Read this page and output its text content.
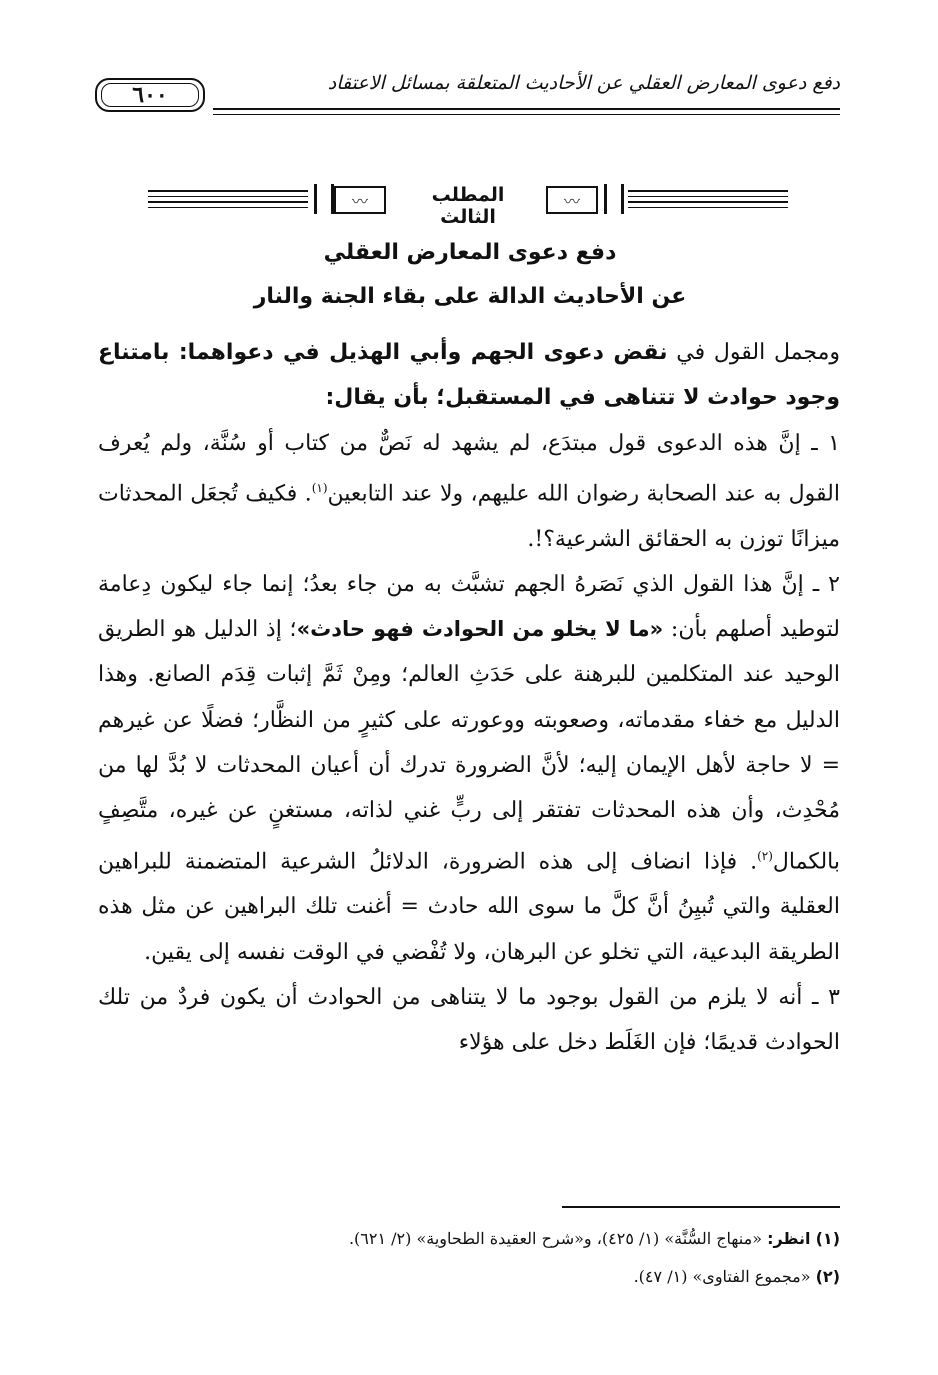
دفع دعوى المعارض العقلي عن الأحاديث المتعلقة بمسائل الاعتقاد
٦٠٠
〰	المطلب الثالث
〰
دفع دعوى المعارض العقلي
عن الأحاديث الدالة على بقاء الجنة والنار

ومجمل القول في نقض دعوى الجهم وأبي الهذيل في دعواهما: بامتناع وجود حوادث لا تتناهى في المستقبل؛ بأن يقال:

١ ـ إنَّ هذه الدعوى قول مبتدَع، لم يشهد له نَصٌّ من كتاب أو سُنَّة، ولم يُعرف القول به عند الصحابة رضوان الله عليهم، ولا عند التابعين$^{(١)}$. فكيف تُجعَل المحدثات ميزانًا توزن به الحقائق الشرعية؟!.

٢ ـ إنَّ هذا القول الذي نَصَرهُ الجهم تشبَّث به من جاء بعدُ؛ إنما جاء ليكون دِعامة لتوطيد أصلهم بأن: «ما لا يخلو من الحوادث فهو حادث»؛ إذ الدليل هو الطريق الوحيد عند المتكلمين للبرهنة على حَدَثِ العالم؛ ومِنْ ثَمَّ إثبات قِدَم الصانع. وهذا الدليل مع خفاء مقدماته، وصعوبته ووعورته على كثيرٍ من النظَّار؛ فضلًا عن غيرهم = لا حاجة لأهل الإيمان إليه؛ لأنَّ الضرورة تدرك أن أعيان المحدثات لا بُدَّ لها من مُحْدِث، وأن هذه المحدثات تفتقر إلى ربٍّ غني لذاته، مستغنٍ عن غيره، متَّصِفٍ بالكمال$^{(٢)}$. فإذا انضاف إلى هذه الضرورة، الدلائلُ الشرعية المتضمنة للبراهين العقلية والتي تُبيِنُ أنَّ كلَّ ما سوى الله حادث = أغنت تلك البراهين عن مثل هذه الطريقة البدعية، التي تخلو عن البرهان، ولا تُفْضي في الوقت نفسه إلى يقين.

٣ ـ أنه لا يلزم من القول بوجود ما لا يتناهى من الحوادث أن يكون فردٌ من تلك الحوادث قديمًا؛ فإن الغَلَط دخل على هؤلاء

(١) انظر: «منهاج السُّنَّة» (١/ ٤٢٥)، و«شرح العقيدة الطحاوية» (٢/ ٦٢١).
(٢) «مجموع الفتاوى» (١/ ٤٧).
